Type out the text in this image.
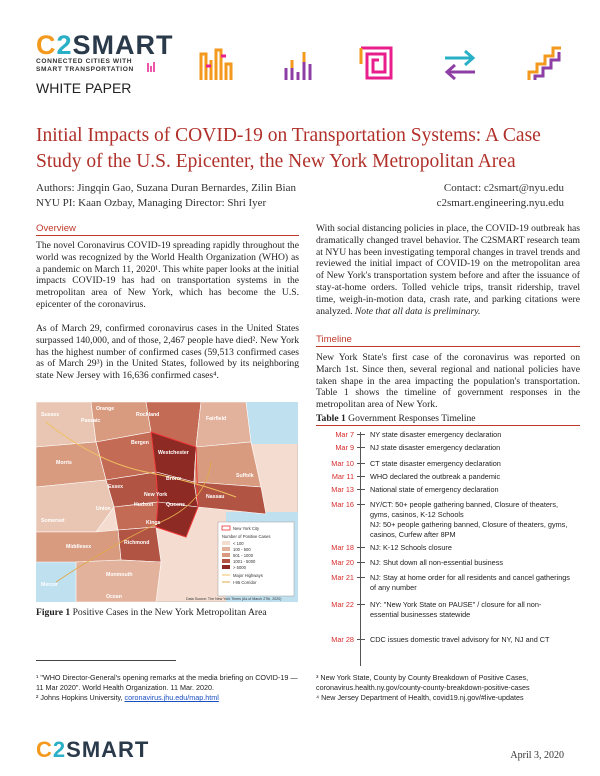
C2SMART
CONNECTED CITIES WITH
SMART TRANSPORTATION
WHITE PAPER
Initial Impacts of COVID-19 on Transportation Systems: A Case
Study of the U.S. Epicenter, the New York Metropolitan Area
Authors: Jingqin Gao, Suzana Duran Bernardes, Zilin Bian
NYU PI: Kaan Ozbay, Managing Director: Shri Iyer
Contact: c2smart@nyu.edu
c2smart.engineering.nyu.edu
Overview
The novel Coronavirus COVID-19 spreading rapidly throughout the world was recognized by the World Health Organization (WHO) as a pandemic on March 11, 2020¹. This white paper looks at the initial impacts COVID-19 has had on transportation systems in the metropolitan area of New York, which has become the U.S. epicenter of the coronavirus.
As of March 29, confirmed coronavirus cases in the United States surpassed 140,000, and of those, 2,467 people have died². New York has the highest number of confirmed cases (59,513 confirmed cases as of March 29³) in the United States, followed by its neighboring state New Jersey with 16,636 confirmed cases⁴.
Sussex
Orange
Passaic
Rockland
Fairfield
Bergen
Westchester
Morris
Essex
Bronx	Suffolk
Nassau
New York
Hudson Queens
Union
Kings
Somerset
Richmond
Middlesex
Monmouth
Mercer
Ocean
New York City
Number of Positive Cases
< 100
100 - 500
501 - 1000
1001 - 5000
> 5000
Major Highways
I-95 Corridor
Data Source: The New York Times (As of March 27th, 2020)
Figure 1 Positive Cases in the New York Metropolitan Area
With social distancing policies in place, the COVID-19 outbreak has dramatically changed travel behavior. The C2SMART research team at NYU has been investigating temporal changes in travel trends and reviewed the initial impact of COVID-19 on the metropolitan area of New York's transportation system before and after the issuance of stay-at-home orders. Tolled vehicle trips, transit ridership, travel time, weigh-in-motion data, crash rate, and parking citations were analyzed. Note that all data is preliminary.
Timeline
New York State's first case of the coronavirus was reported on March 1st. Since then, several regional and national policies have taken shape in the area impacting the population's transportation. Table 1 shows the timeline of government responses in the metropolitan area of New York.
Table 1 Government Responses Timeline
Mar 7 NY state disaster emergency declaration
Mar 9 NJ state disaster emergency declaration
Mar 10 CT state disaster emergency declaration
Mar 11 WHO declared the outbreak a pandemic
Mar 13 National state of emergency declaration
Mar 16 NY/CT: 50+ people gathering banned, Closure of theaters, gyms, casinos, K-12 Schools
NJ: 50+ people gathering banned, Closure of theaters, gyms, casinos, Curfew after 8PM
Mar 18 NJ: K-12 Schools closure
Mar 20 NJ: Shut down all non-essential business
Mar 21 NJ: Stay at home order for all residents and cancel gatherings of any number
Mar 22 NY: "New York State on PAUSE" / closure for all non-essential businesses statewide
Mar 28 CDC issues domestic travel advisory for NY, NJ and CT
¹ "WHO Director-General's opening remarks at the media briefing on COVID-19 —11 Mar 2020". World Health Organization. 11 Mar. 2020.
² Johns Hopkins University, coronavirus.jhu.edu/map.html
³ New York State, County by County Breakdown of Positive Cases, coronavirus.health.ny.gov/county-county-breakdown-positive-cases
⁴ New Jersey Department of Health, covid19.nj.gov/#live-updates
C2SMART	April 3, 2020
